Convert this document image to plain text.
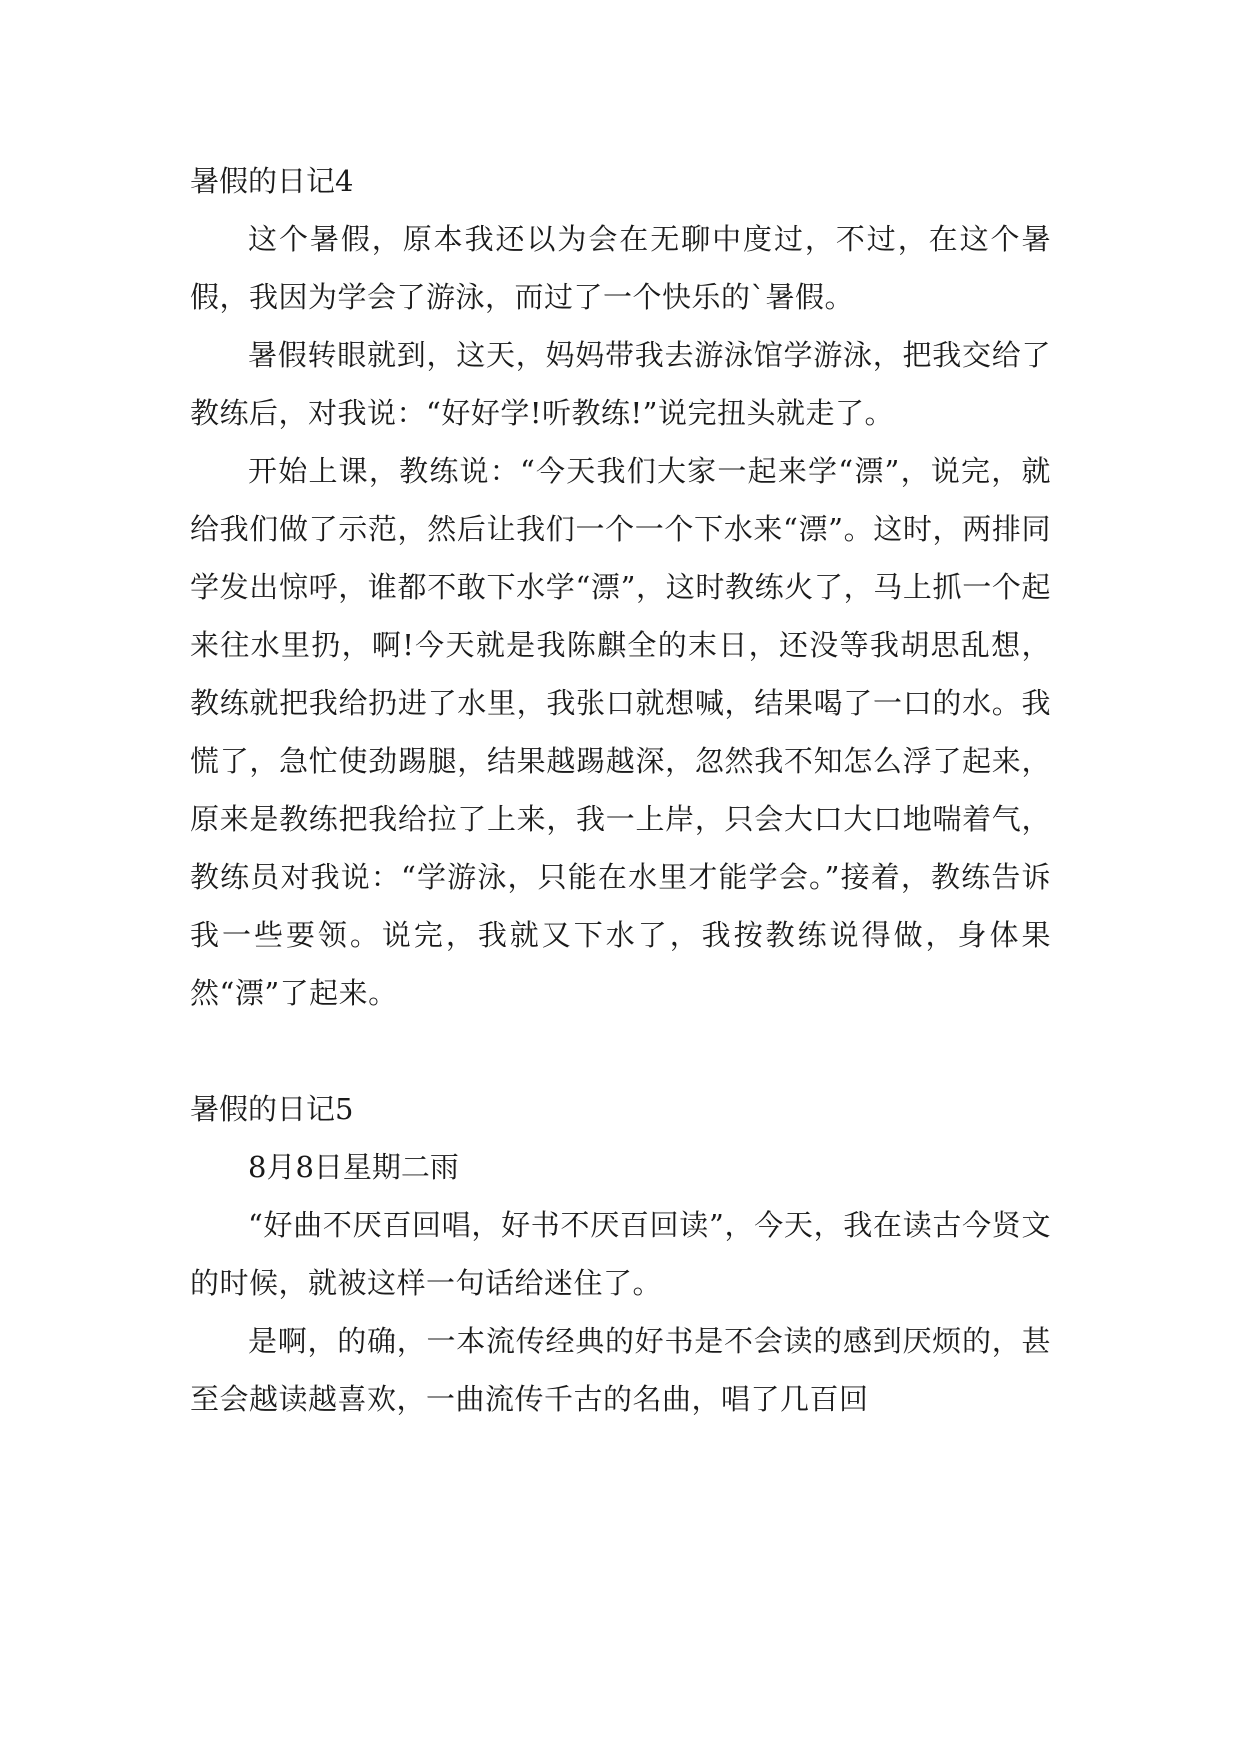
暑假的日记4

这个暑假，原本我还以为会在无聊中度过，不过，在这个暑假，我因为学会了游泳，而过了一个快乐的`暑假。

暑假转眼就到，这天，妈妈带我去游泳馆学游泳，把我交给了教练后，对我说：“好好学!听教练!”说完扭头就走了。

开始上课，教练说：“今天我们大家一起来学“漂”，说完，就给我们做了示范，然后让我们一个一个下水来“漂”。这时，两排同学发出惊呼，谁都不敢下水学“漂”，这时教练火了，马上抓一个起来往水里扔，啊!今天就是我陈麒全的末日，还没等我胡思乱想，教练就把我给扔进了水里，我张口就想喊，结果喝了一口的水。我慌了，急忙使劲踢腿，结果越踢越深，忽然我不知怎么浮了起来，原来是教练把我给拉了上来，我一上岸，只会大口大口地喘着气，教练员对我说：“学游泳，只能在水里才能学会。”接着，教练告诉我一些要领。说完，我就又下水了，我按教练说得做，身体果然“漂”了起来。

暑假的日记5

8月8日星期二雨

“好曲不厌百回唱，好书不厌百回读”，今天，我在读古今贤文的时候，就被这样一句话给迷住了。

是啊，的确，一本流传经典的好书是不会读的感到厌烦的，甚至会越读越喜欢，一曲流传千古的名曲，唱了几百回
